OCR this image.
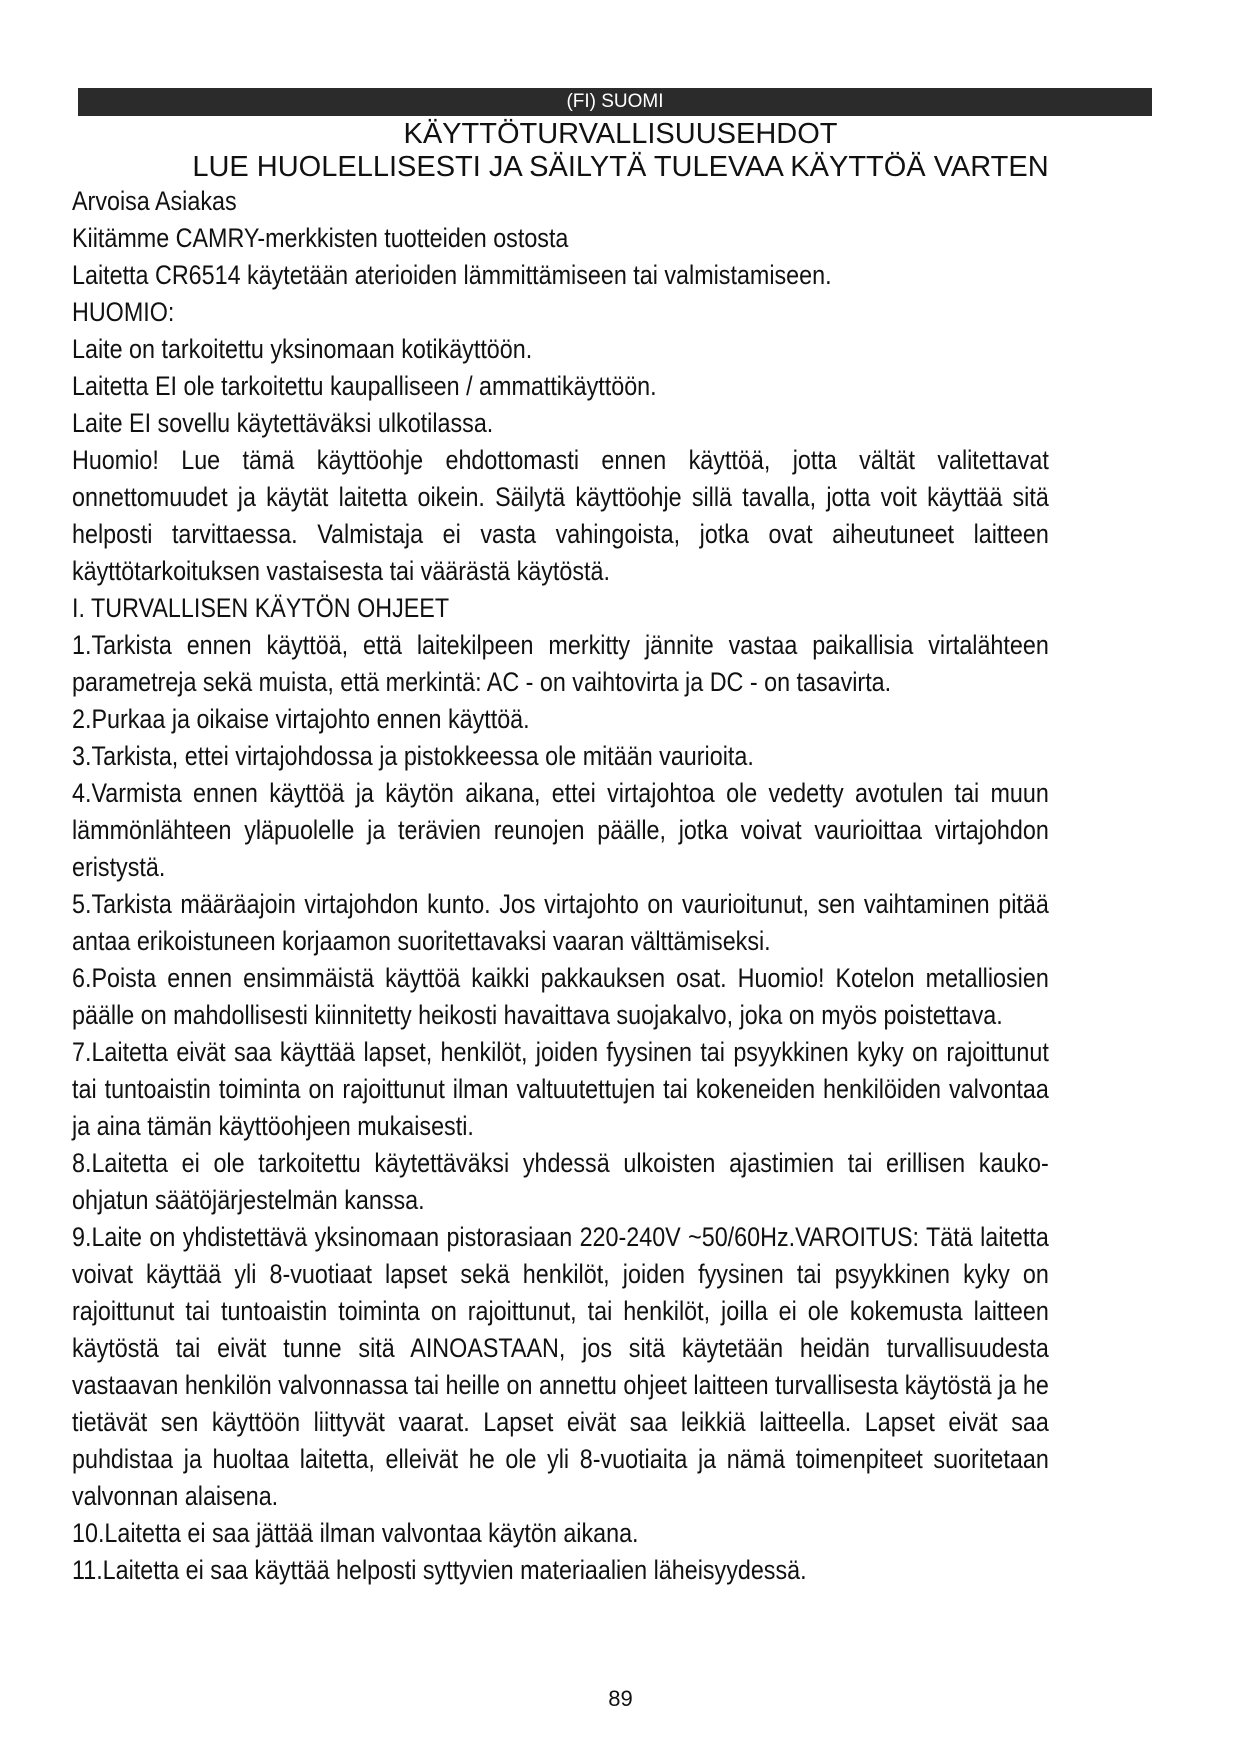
(FI) SUOMI
KÄYTTÖTURVALLISUUSEHDOT
LUE HUOLELLISESTI JA SÄILYTÄ TULEVAA KÄYTTÖÄ VARTEN

Arvoisa Asiakas

Kiitämme CAMRY-merkkisten tuotteiden ostosta

Laitetta CR6514 käytetään aterioiden lämmittämiseen tai valmistamiseen.

HUOMIO:

Laite on tarkoitettu yksinomaan kotikäyttöön.

Laitetta EI ole tarkoitettu kaupalliseen / ammattikäyttöön.

Laite EI sovellu käytettäväksi ulkotilassa.

Huomio! Lue tämä käyttöohje ehdottomasti ennen käyttöä, jotta vältät valitettavat onnettomuudet ja käytät laitetta oikein. Säilytä käyttöohje sillä tavalla, jotta voit käyttää sitä helposti tarvittaessa. Valmistaja ei vasta vahingoista, jotka ovat aiheutuneet laitteen käyttötarkoituksen vastaisesta tai väärästä käytöstä.

I. TURVALLISEN KÄYTÖN OHJEET

1.Tarkista ennen käyttöä, että laitekilpeen merkitty jännite vastaa paikallisia virtalähteen parametreja sekä muista, että merkintä: AC - on vaihtovirta ja DC - on tasavirta.

2.Purkaa ja oikaise virtajohto ennen käyttöä.

3.Tarkista, ettei virtajohdossa ja pistokkeessa ole mitään vaurioita.

4.Varmista ennen käyttöä ja käytön aikana, ettei virtajohtoa ole vedetty avotulen tai muun lämmönlähteen yläpuolelle ja terävien reunojen päälle, jotka voivat vaurioittaa virtajohdon eristystä.

5.Tarkista määräajoin virtajohdon kunto. Jos virtajohto on vaurioitunut, sen vaihtaminen pitää antaa erikoistuneen korjaamon suoritettavaksi vaaran välttämiseksi.

6.Poista ennen ensimmäistä käyttöä kaikki pakkauksen osat. Huomio! Kotelon metalliosien päälle on mahdollisesti kiinnitetty heikosti havaittava suojakalvo, joka on myös poistettava.

7.Laitetta eivät saa käyttää lapset, henkilöt, joiden fyysinen tai psyykkinen kyky on rajoittunut tai tuntoaistin toiminta on rajoittunut ilman valtuutettujen tai kokeneiden henkilöiden valvontaa ja aina tämän käyttöohjeen mukaisesti.

8.Laitetta ei ole tarkoitettu käytettäväksi yhdessä ulkoisten ajastimien tai erillisen kauko-ohjatun säätöjärjestelmän kanssa.

9.Laite on yhdistettävä yksinomaan pistorasiaan 220-240V ~50/60Hz.VAROITUS: Tätä laitetta voivat käyttää yli 8-vuotiaat lapset sekä henkilöt, joiden fyysinen tai psyykkinen kyky on rajoittunut tai tuntoaistin toiminta on rajoittunut, tai henkilöt, joilla ei ole kokemusta laitteen käytöstä tai eivät tunne sitä AINOASTAAN, jos sitä käytetään heidän turvallisuudesta vastaavan henkilön valvonnassa tai heille on annettu ohjeet laitteen turvallisesta käytöstä ja he tietävät sen käyttöön liittyvät vaarat. Lapset eivät saa leikkiä laitteella. Lapset eivät saa puhdistaa ja huoltaa laitetta, elleivät he ole yli 8-vuotiaita ja nämä toimenpiteet suoritetaan valvonnan alaisena.

10.Laitetta ei saa jättää ilman valvontaa käytön aikana.

11.Laitetta ei saa käyttää helposti syttyvien materiaalien läheisyydessä.

89
